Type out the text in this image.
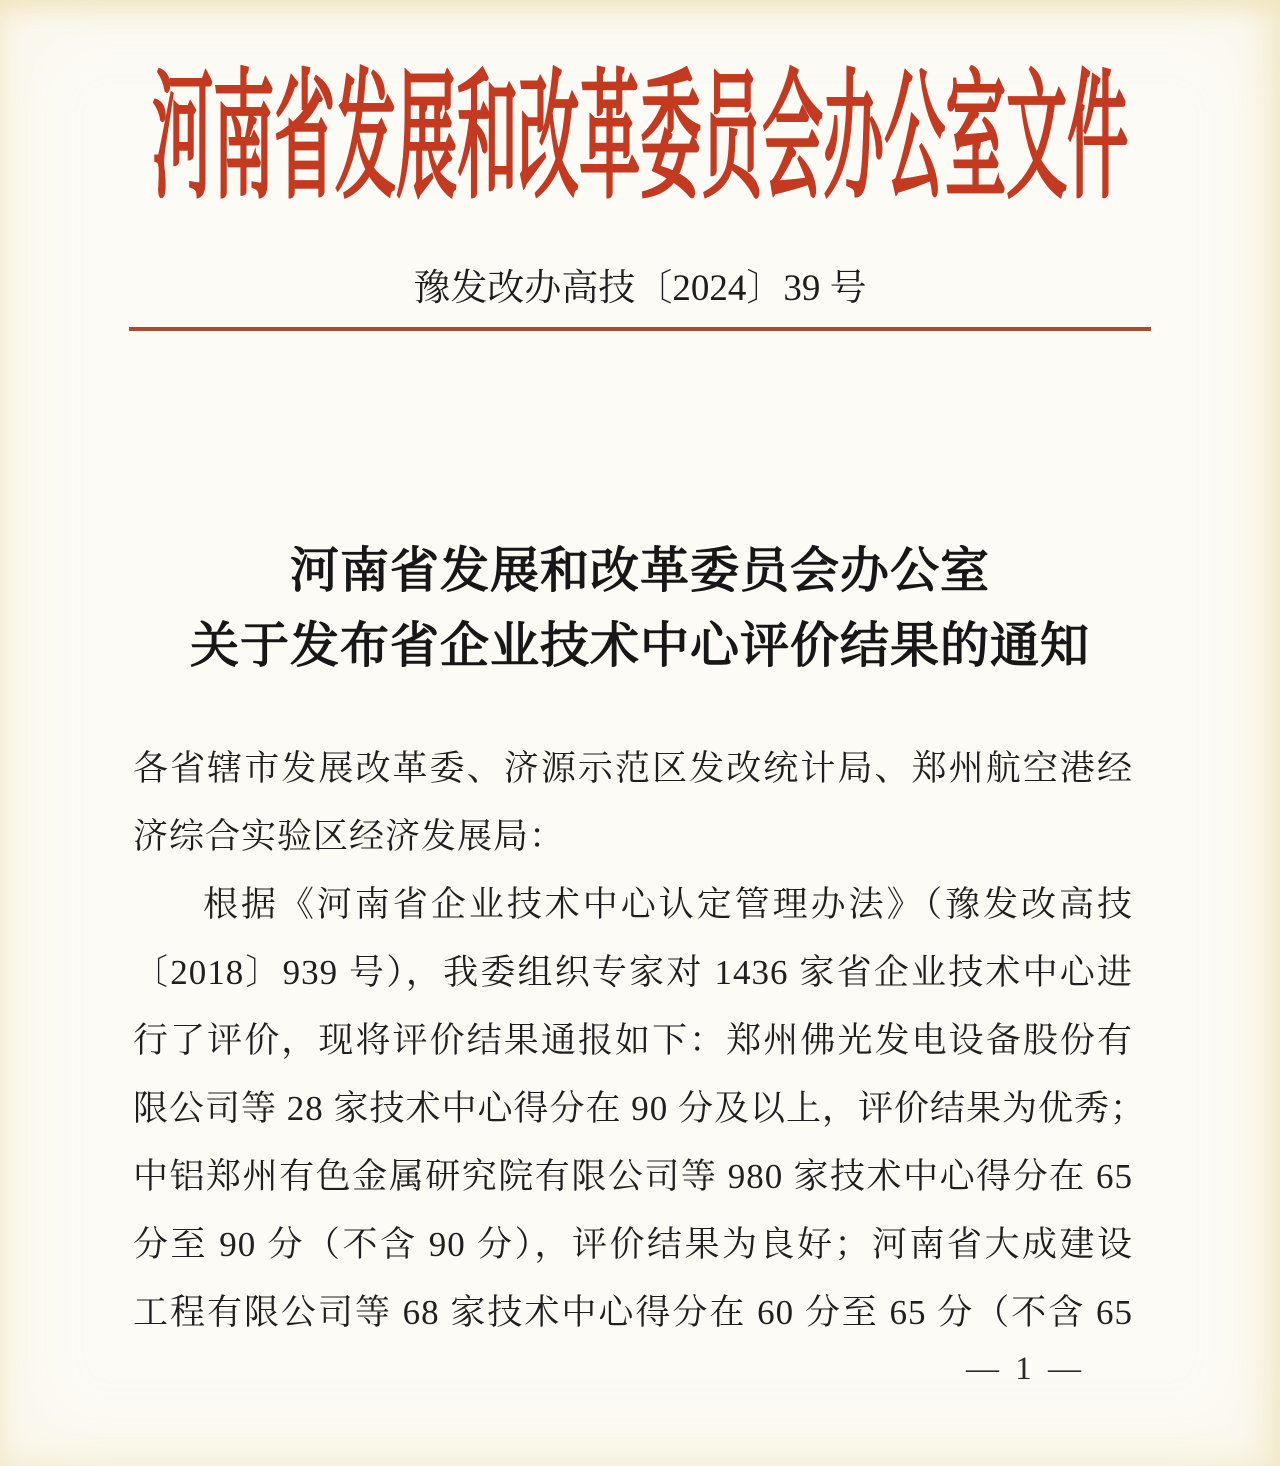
河南省发展和改革委员会办公室文件
豫发改办高技〔2024〕39 号
河南省发展和改革委员会办公室
关于发布省企业技术中心评价结果的通知

各省辖市发展改革委、济源示范区发改统计局、郑州航空港经

济综合实验区经济发展局：

根据《河南省企业技术中心认定管理办法》（豫发改高技

〔2018〕939 号），我委组织专家对 1436 家省企业技术中心进

行了评价，现将评价结果通报如下：郑州佛光发电设备股份有

限公司等 28 家技术中心得分在 90 分及以上，评价结果为优秀；

中铝郑州有色金属研究院有限公司等 980 家技术中心得分在 65

分至 90 分（不含 90 分），评价结果为良好；河南省大成建设

工程有限公司等 68 家技术中心得分在 60 分至 65 分（不含 65

— 1 —
